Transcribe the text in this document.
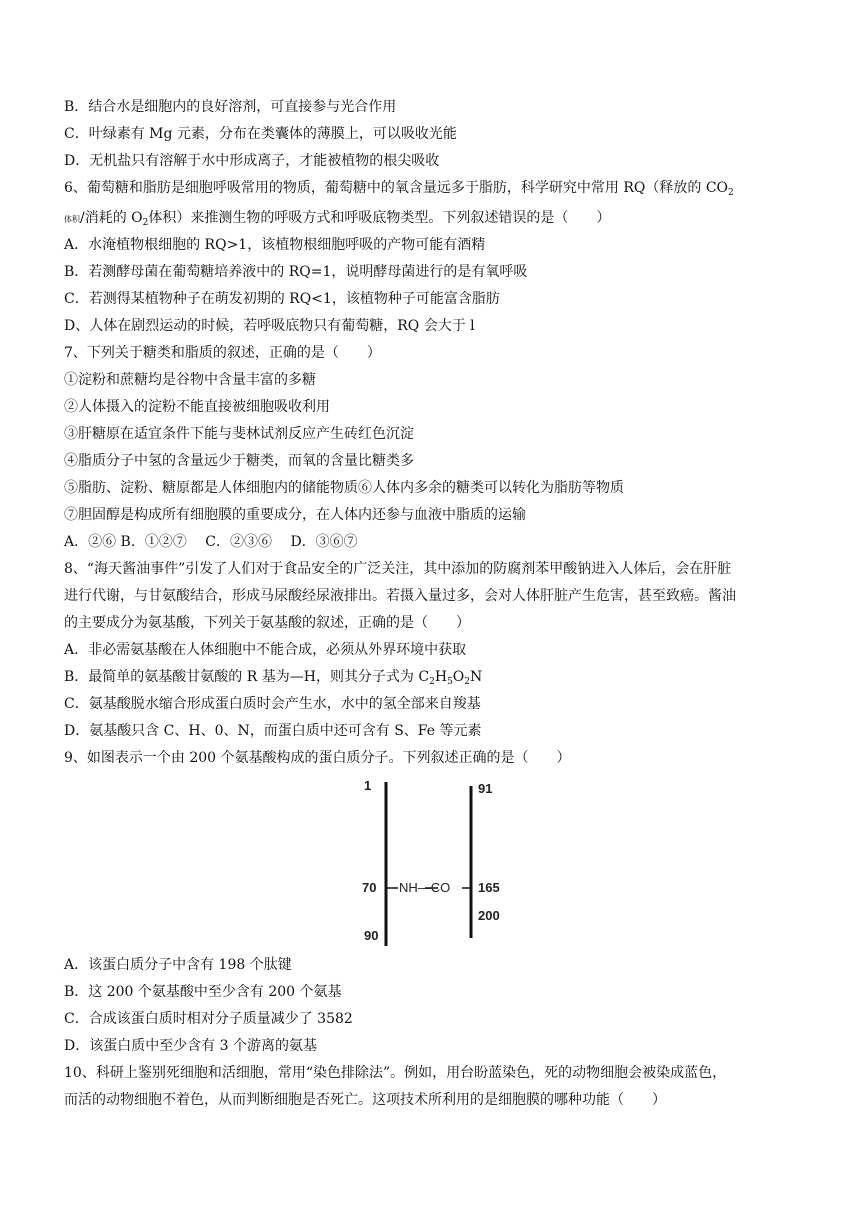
B．结合水是细胞内的良好溶剂，可直接参与光合作用
C．叶绿素有 Mg 元素，分布在类囊体的薄膜上，可以吸收光能
D．无机盐只有溶解于水中形成离子，才能被植物的根尖吸收
6、葡萄糖和脂肪是细胞呼吸常用的物质，葡萄糖中的氧含量远多于脂肪，科学研究中常用 RQ（释放的 $CO_2$
体积/消耗的 $O_2$体积）来推测生物的呼吸方式和呼吸底物类型。下列叙述错误的是（　　）
A．水淹植物根细胞的 RQ>1，该植物根细胞呼吸的产物可能有酒精
B．若测酵母菌在葡萄糖培养液中的 RQ=1，说明酵母菌进行的是有氧呼吸
C．若测得某植物种子在萌发初期的 RQ<1，该植物种子可能富含脂肪
D、人体在剧烈运动的时候，若呼吸底物只有葡萄糖，RQ 会大于 l
7、下列关于糖类和脂质的叙述，正确的是（　　）
①淀粉和蔗糖均是谷物中含量丰富的多糖
②人体摄入的淀粉不能直接被细胞吸收利用
③肝糖原在适宜条件下能与斐林试剂反应产生砖红色沉淀
④脂质分子中氢的含量远少于糖类，而氧的含量比糖类多
⑤脂肪、淀粉、糖原都是人体细胞内的储能物质⑥人体内多余的糖类可以转化为脂肪等物质
⑦胆固醇是构成所有细胞膜的重要成分，在人体内还参与血液中脂质的运输
A．②⑥ B．①②⑦　 C．②③⑥　 D．③⑥⑦
8、“海天酱油事件”引发了人们对于食品安全的广泛关注，其中添加的防腐剂苯甲酸钠进入人体后，会在肝脏
进行代谢，与甘氨酸结合，形成马尿酸经尿液排出。若摄入量过多，会对人体肝脏产生危害，甚至致癌。酱油
的主要成分为氨基酸，下列关于氨基酸的叙述，正确的是（　　）
A．非必需氨基酸在人体细胞中不能合成，必须从外界环境中获取
B．最简单的氨基酸甘氨酸的 R 基为—H，则其分子式为 $C_2H_5O_2N$
C．氨基酸脱水缩合形成蛋白质时会产生水，水中的氢全部来自羧基
D．氨基酸只含 C、H、0、N，而蛋白质中还可含有 S、Fe 等元素
9、如图表示一个由 200 个氨基酸构成的蛋白质分子。下列叙述正确的是（　　）
1
70
90
91
165
200
NH—CO
A．该蛋白质分子中含有 198 个肽键
B．这 200 个氨基酸中至少含有 200 个氨基
C．合成该蛋白质时相对分子质量减少了 3582
D．该蛋白质中至少含有 3 个游离的氨基
10、科研上鉴别死细胞和活细胞，常用“染色排除法”。例如，用台盼蓝染色，死的动物细胞会被染成蓝色，
而活的动物细胞不着色，从而判断细胞是否死亡。这项技术所利用的是细胞膜的哪种功能（　　）
